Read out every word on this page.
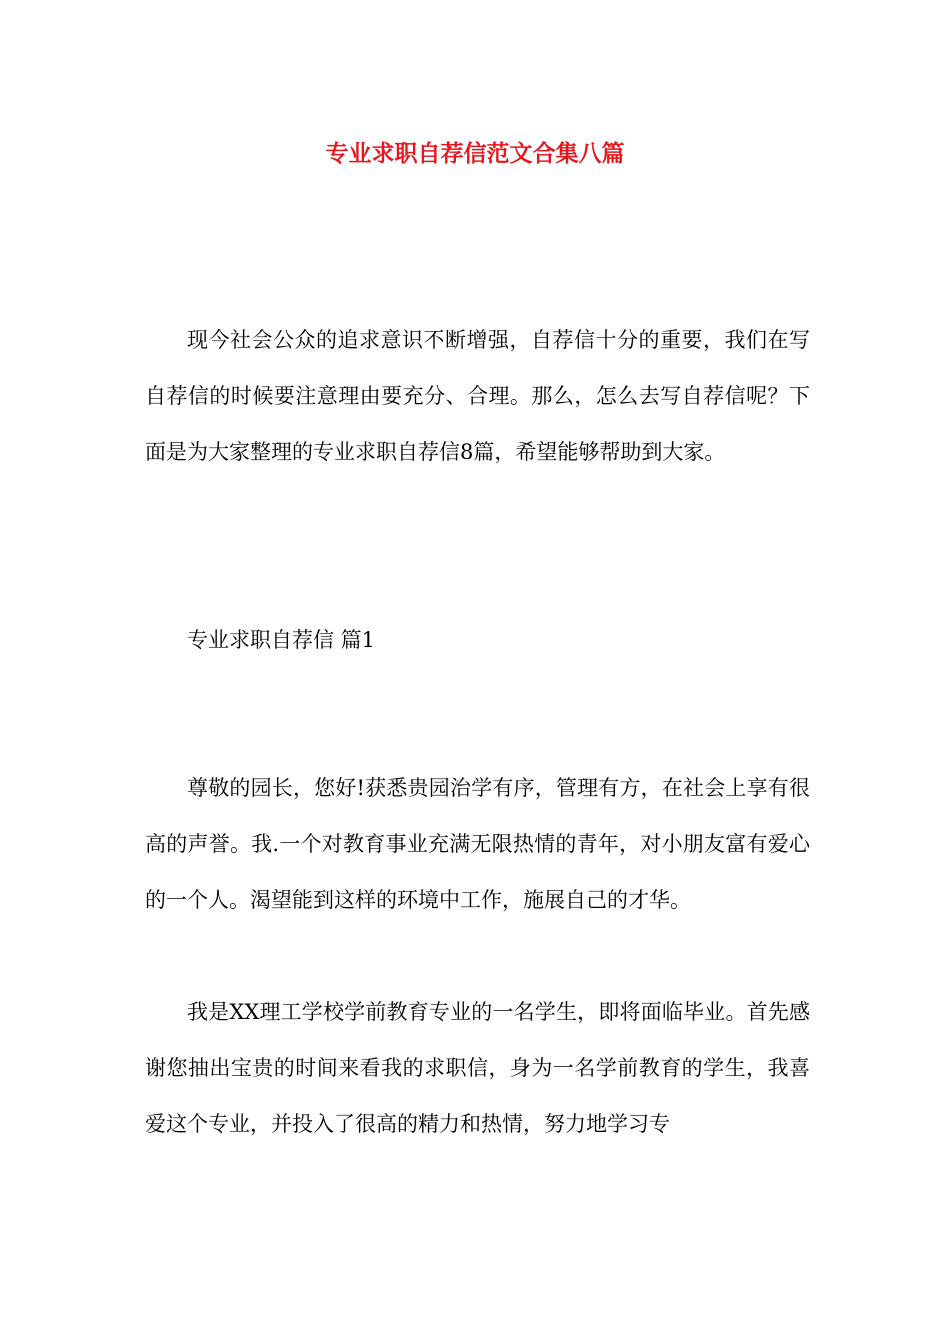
专业求职自荐信范文合集八篇

现今社会公众的追求意识不断增强，自荐信十分的重要，我们在写自荐信的时候要注意理由要充分、合理。那么，怎么去写自荐信呢？下面是为大家整理的专业求职自荐信8篇，希望能够帮助到大家。

专业求职自荐信 篇1

尊敬的园长，您好!获悉贵园治学有序，管理有方，在社会上享有很高的声誉。我.一个对教育事业充满无限热情的青年，对小朋友富有爱心的一个人。渴望能到这样的环境中工作，施展自己的才华。

我是XX理工学校学前教育专业的一名学生，即将面临毕业。首先感谢您抽出宝贵的时间来看我的求职信，身为一名学前教育的学生，我喜爱这个专业，并投入了很高的精力和热情，努力地学习专
